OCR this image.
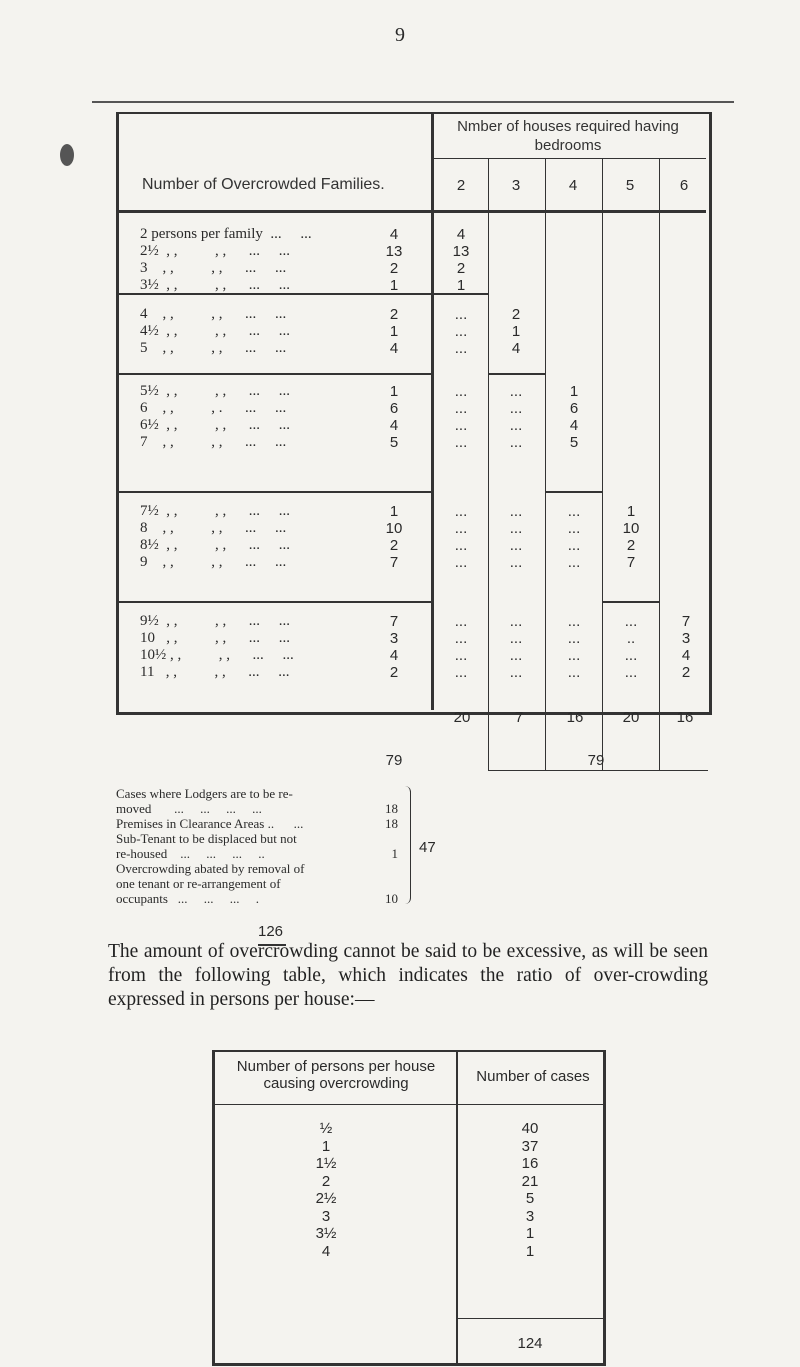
9
Number of Overcrowded Families.
Nmber of houses required having bedrooms
2	3	4	5	6
2 persons per family  ...     ...	4	4
2½  , ,          , ,      ...     ...	13	13
3    , ,          , ,      ...     ...	2	2
3½  , ,          , ,      ...     ...	1	1
4    , ,          , ,      ...     ...	2	...	2
4½  , ,          , ,      ...     ...	1	...	1
5    , ,          , ,      ...     ...	4	...	4
5½  , ,          , ,      ...     ...	1	...	...	1
6    , ,          , .      ...     ...	6	...	...	6
6½  , ,          , ,      ...     ...	4	...	...	4
7    , ,          , ,      ...     ...	5	...	...	5
7½  , ,          , ,      ...     ...	1	...	...	...	1
8    , ,          , ,      ...     ...	10	...	...	...	10
8½  , ,          , ,      ...     ...	2	...	...	...	2
9    , ,          , ,      ...     ...	7	...	...	...	7
9½  , ,          , ,      ...     ...	7	...	...	...	...	7
10   , ,          , ,      ...     ...	3	...	...	...	..	3
10½ , ,          , ,      ...     ...	4	...	...	...	...	4
11   , ,          , ,      ...     ...	2	...	...	...	...	2
20	7	16	20	16
79	79
Cases where Lodgers are to be re-
moved       ...     ...     ...     ...	18
Premises in Clearance Areas ..      ...	18
Sub-Tenant to be displaced but not
re-housed    ...     ...     ...     ..	1
Overcrowding abated by removal of
one tenant or re-arrangement of
occupants   ...     ...     ...     .	10
47
126
The amount of overcrowding cannot be said to be excessive, as will be seen from the following table, which indicates the ratio of over-crowding expressed in persons per house:—
Number of persons per house causing overcrowding	Number of cases
½	40
1	37
1½	16
2	21
2½	5
3	3
3½	1
4	1
124
